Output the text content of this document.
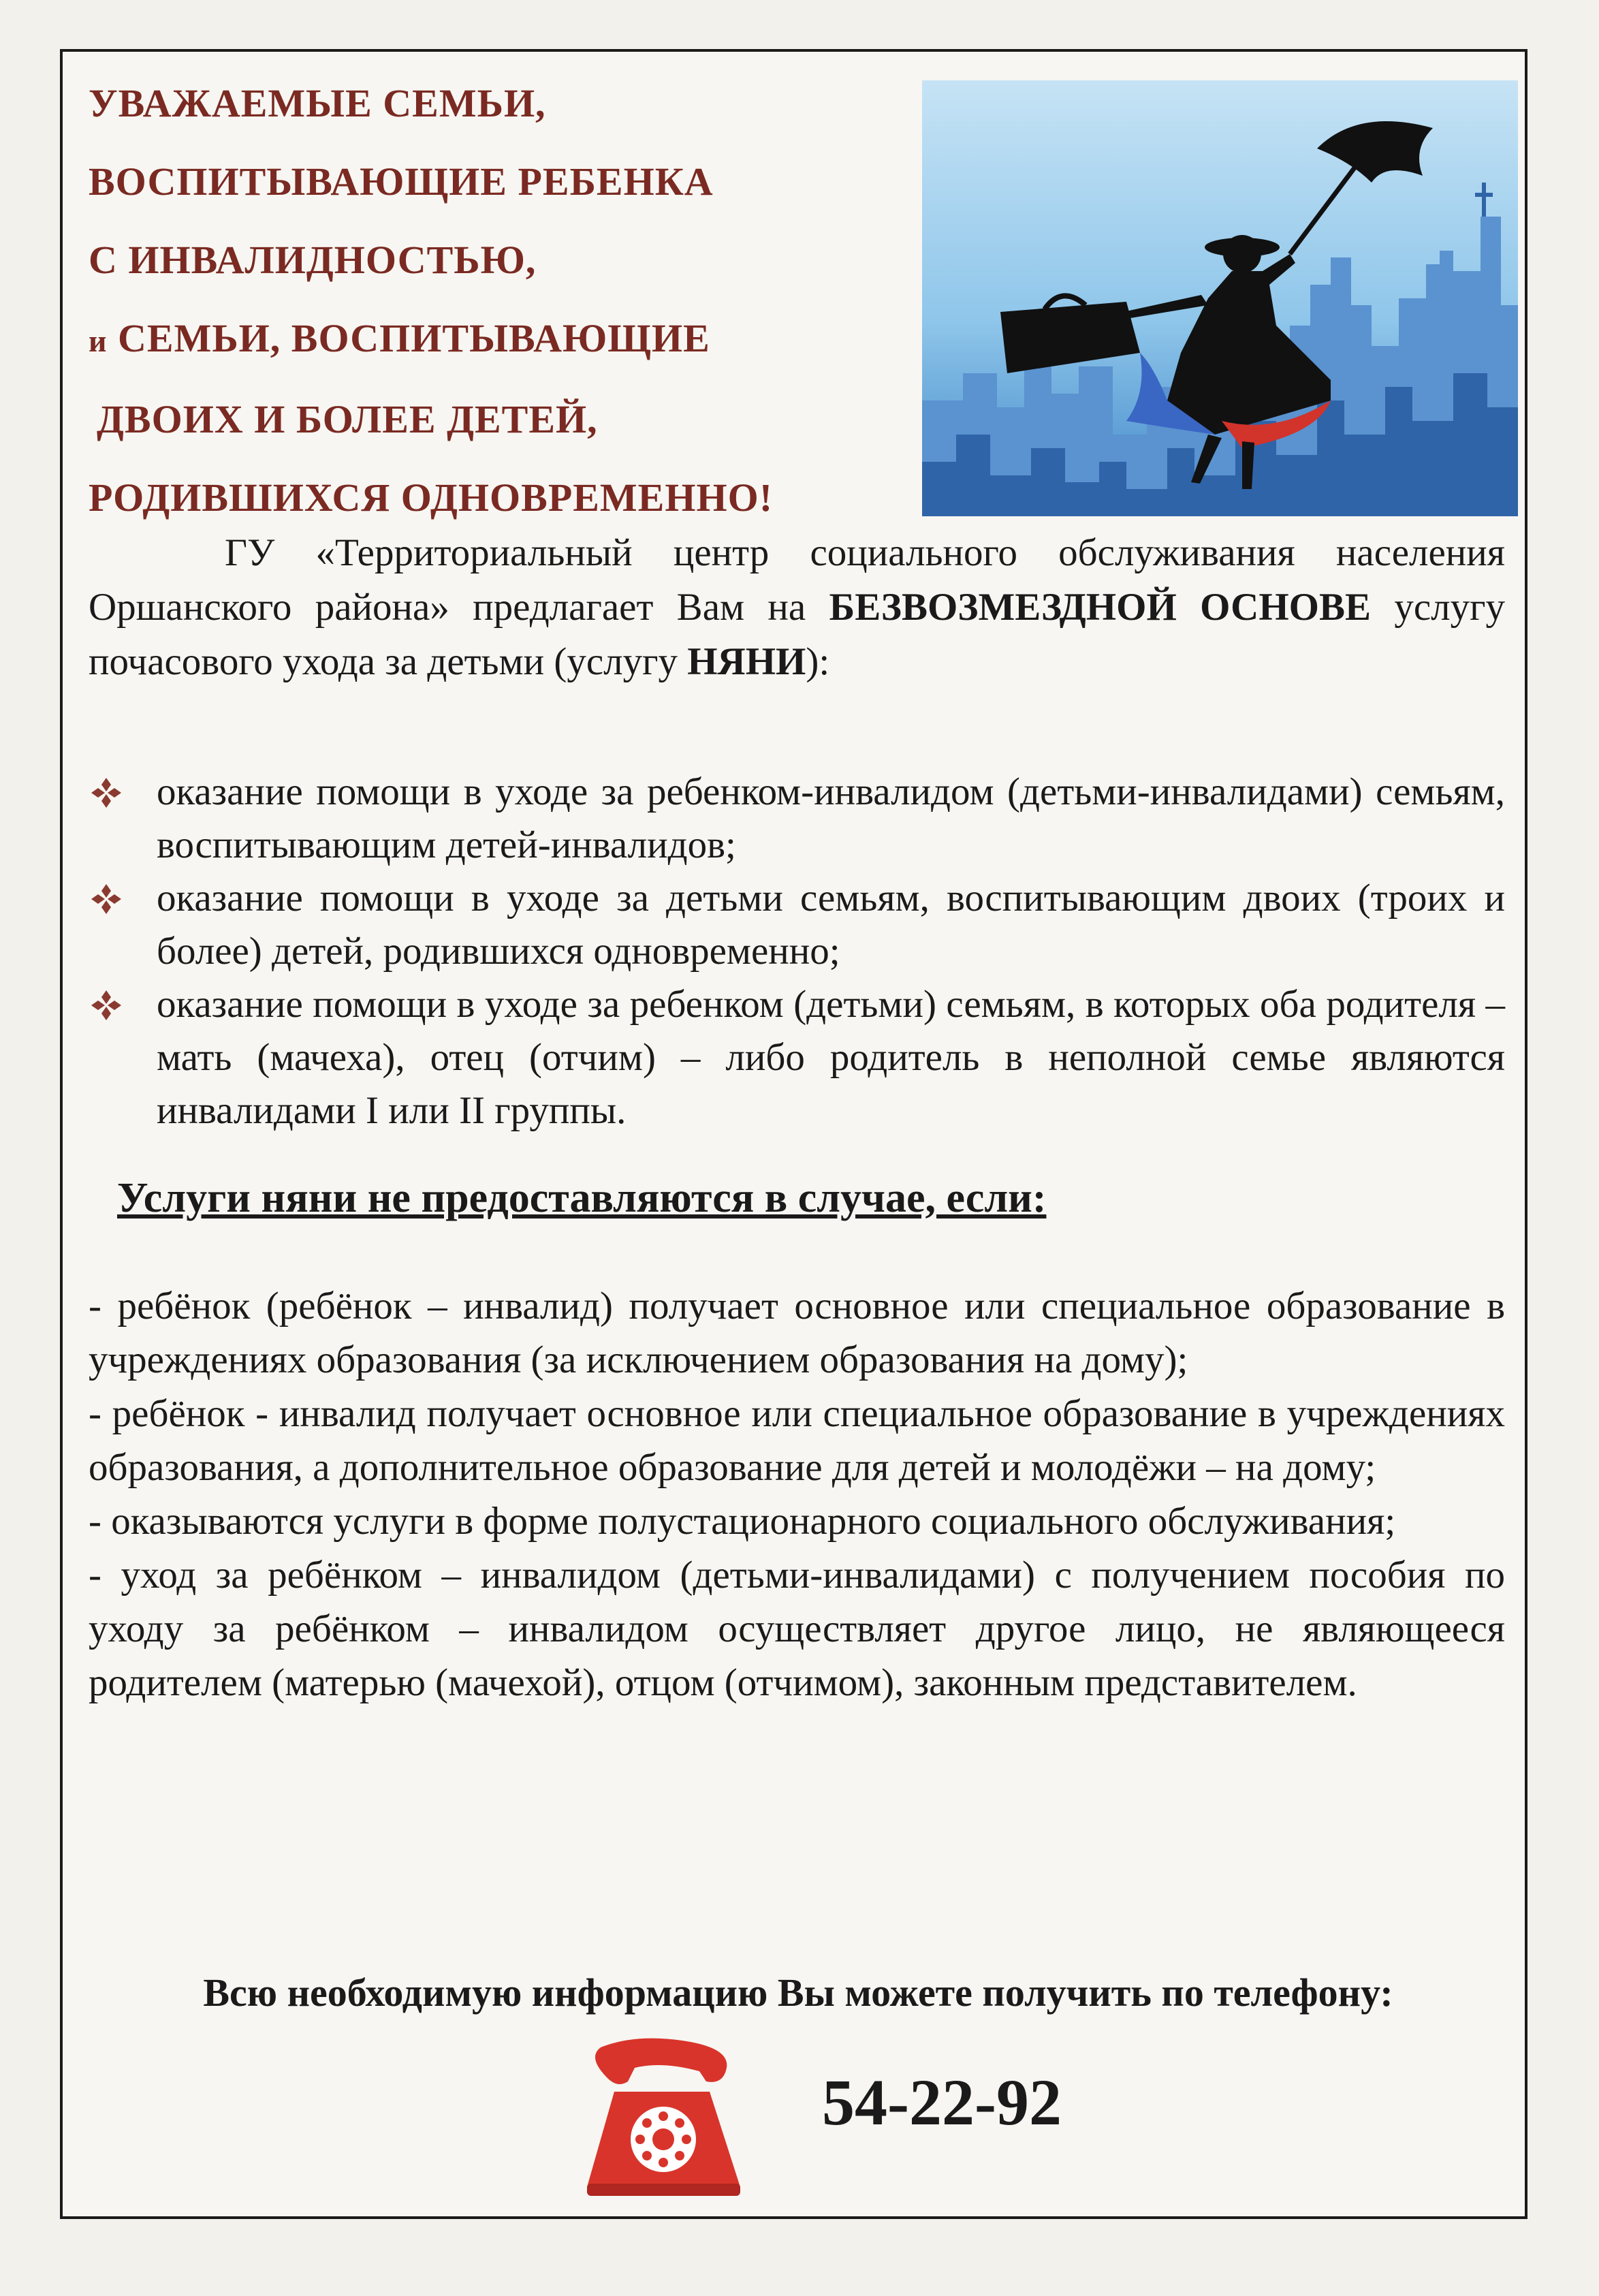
УВАЖАЕМЫЕ СЕМЬИ,
ВОСПИТЫВАЮЩИЕ РЕБЕНКА
С ИНВАЛИДНОСТЬЮ,
и СЕМЬИ, ВОСПИТЫВАЮЩИЕ
ДВОИХ И БОЛЕЕ ДЕТЕЙ,
РОДИВШИХСЯ ОДНОВРЕМЕННО!
ГУ «Территориальный центр социального обслуживания населения Оршанского района» предлагает Вам на БЕЗВОЗМЕЗДНОЙ ОСНОВЕ услугу почасового ухода за детьми (услугу НЯНИ):
оказание помощи в уходе за ребенком-инвалидом (детьми-инвалидами) семьям, воспитывающим детей-инвалидов;
оказание помощи в уходе за детьми семьям, воспитывающим двоих (троих и более) детей, родившихся одновременно;
оказание помощи в уходе за ребенком (детьми) семьям, в которых оба родителя – мать (мачеха), отец (отчим) – либо родитель в неполной семье являются инвалидами I или II группы.
Услуги няни не предоставляются в случае, если:

- ребёнок (ребёнок – инвалид) получает основное или специальное образование в учреждениях образования (за исключением образования на дому);

- ребёнок - инвалид получает основное или специальное образование в учреждениях образования, а дополнительное образование для детей и молодёжи – на дому;

- оказываются услуги в форме полустационарного социального обслуживания;

- уход за ребёнком – инвалидом (детьми-инвалидами) с получением пособия по уходу за ребёнком – инвалидом осуществляет другое лицо, не являющееся родителем (матерью (мачехой), отцом (отчимом), законным представителем.

Всю необходимую информацию Вы можете получить по телефону:
54-22-92
